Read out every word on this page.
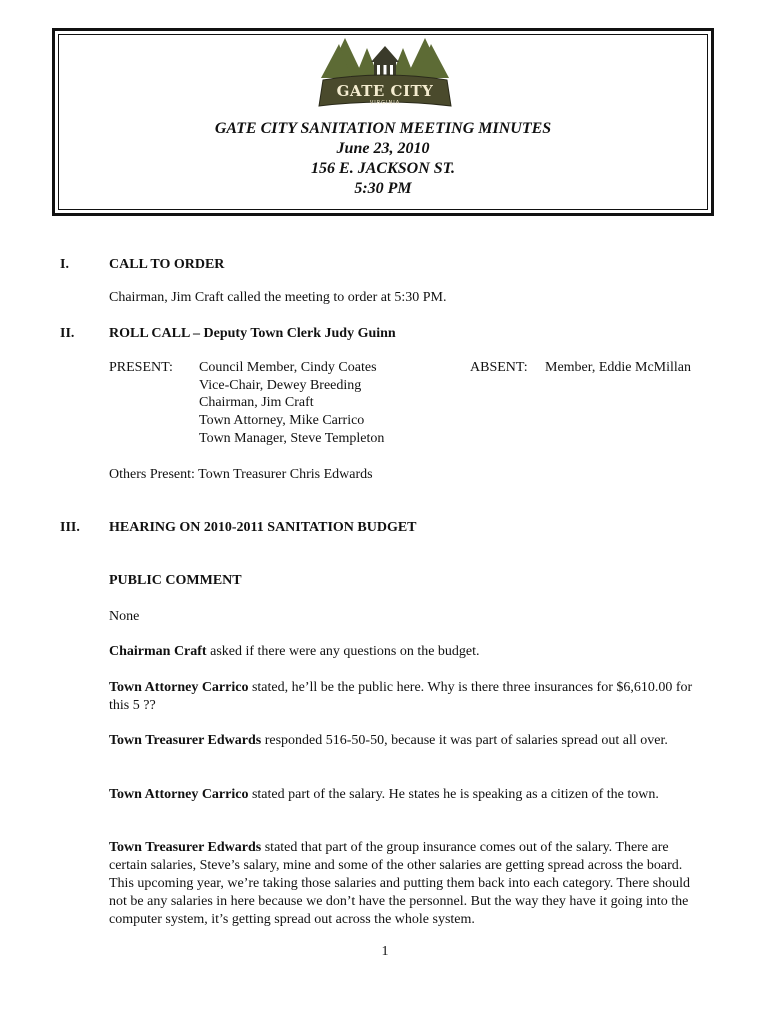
GATE CITY
VIRGINIA
GATE CITY SANITATION MEETING MINUTES
June 23, 2010
156 E. JACKSON ST.
5:30 PM
I.	CALL TO ORDER
Chairman, Jim Craft called the meeting to order at 5:30 PM.
II. ROLL CALL – Deputy Town Clerk Judy Guinn
PRESENT: Council Member, Cindy Coates
Vice-Chair, Dewey Breeding
Chairman, Jim Craft
Town Attorney, Mike Carrico
Town Manager, Steve Templeton
ABSENT: Member, Eddie McMillan
Others Present: Town Treasurer Chris Edwards
III. HEARING ON 2010-2011 SANITATION BUDGET
PUBLIC COMMENT
None
Chairman Craft asked if there were any questions on the budget.
Town Attorney Carrico stated, he’ll be the public here. Why is there three insurances for $6,610.00 for this 5 ??
Town Treasurer Edwards responded 516-50-50, because it was part of salaries spread out all over.
Town Attorney Carrico stated part of the salary. He states he is speaking as a citizen of the town.
Town Treasurer Edwards stated that part of the group insurance comes out of the salary. There are certain salaries, Steve’s salary, mine and some of the other salaries are getting spread across the board. This upcoming year, we’re taking those salaries and putting them back into each category. There should not be any salaries in here because we don’t have the personnel. But the way they have it going into the computer system, it’s getting spread out across the whole system.
1
